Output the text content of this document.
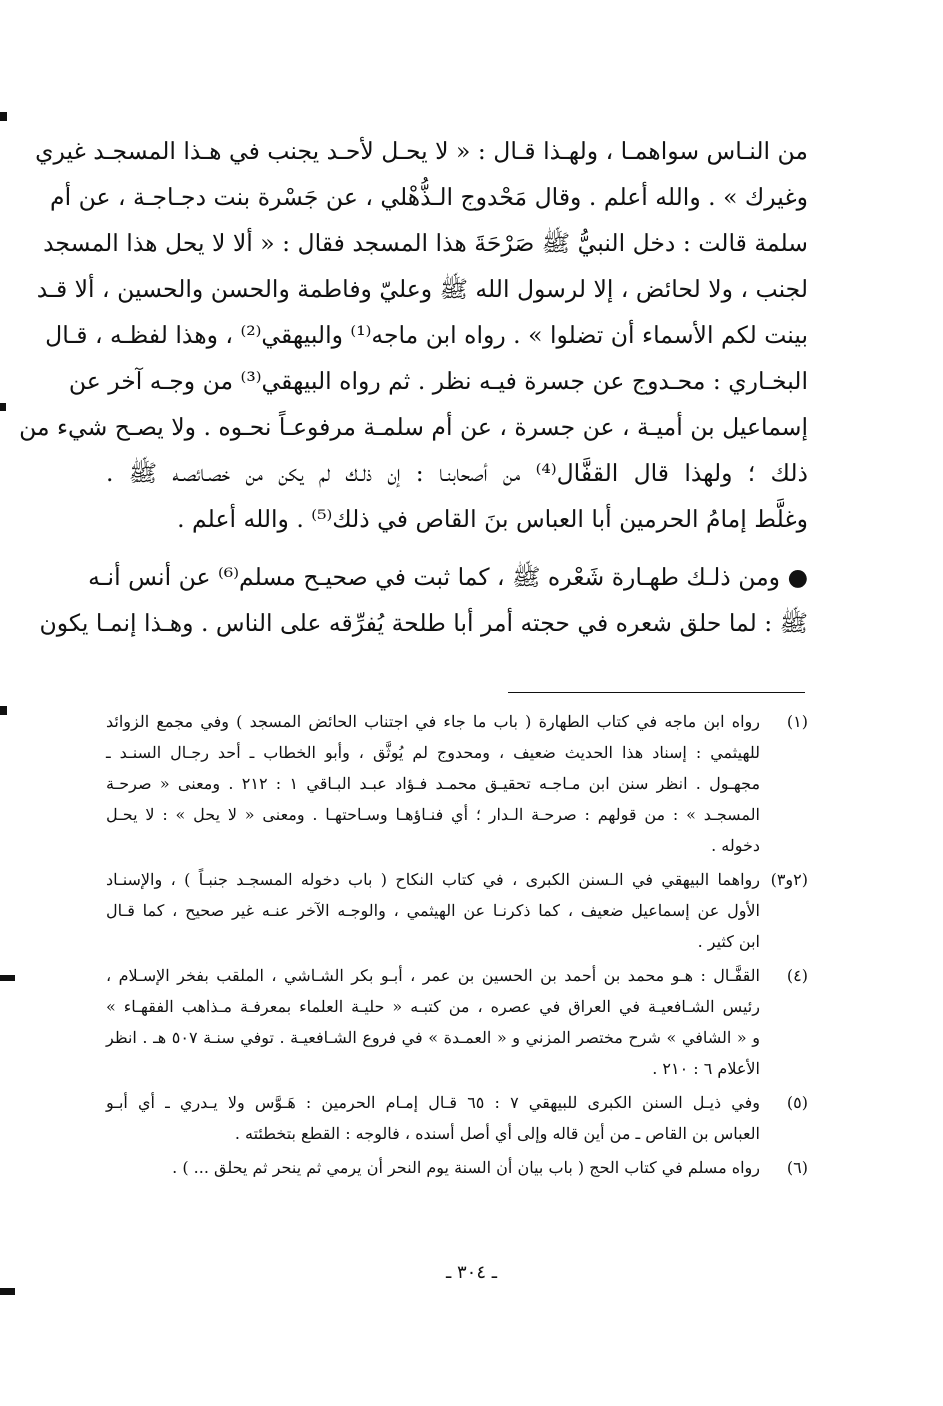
من النـاس سواهمـا ، ولهـذا قـال : « لا يحـل لأحـد يجنب في هـذا المسجـد غيري
وغيرك » . والله أعلم . وقال مَحْدوج الـذُّهْلي ، عن جَسْرة بنت دجـاجـة ، عن أم
سلمة قالت : دخل النبيُّ ﷺ صَرْحَةَ هذا المسجد فقال : « ألا لا يحل هذا المسجد
لجنب ، ولا لحائض ، إلا لرسول الله ﷺ وعليّ وفاطمة والحسن والحسين ، ألا قـد
بينت لكم الأسماء أن تضلوا » . رواه ابن ماجه⁽¹⁾ والبيهقي⁽²⁾ ، وهذا لفظـه ، قـال
البخـاري : محـدوج عن جسرة فيـه نظر . ثم رواه البيهقي⁽³⁾ من وجـه آخر عن
إسماعيل بن أميـة ، عن جسرة ، عن أم سلمـة مرفوعـاً نحـوه . ولا يصـح شيء من
ذلك ؛ ولهذا قال القفَّال⁽⁴⁾ من أصحابنـا : إن ذلـك لم يكن من خصـائصـه ﷺ .
وغلَّط إمامُ الحرمين أبا العباس بنَ القاص في ذلك⁽⁵⁾ . والله أعلم .
● ومن ذلـك طهـارة شَعْره ﷺ ، كما ثبت في صحيـح مسلم⁽⁶⁾ عن أنس أنـه
ﷺ : لما حلق شعره في حجته أمر أبا طلحة يُفرِّقه على الناس . وهـذا إنمـا يكون
(١)
رواه ابن ماجه في كتاب الطهارة ( باب ما جاء في اجتناب الحائض المسجد ) وفي مجمع الزوائد
للهيثمي : إسناد هذا الحديث ضعيف ، ومحدوج لم يُوثَّق ، وأبو الخطاب ـ أحد رجـال السنـد ـ
مجهـول . انظر سنن ابن مـاجـه تحقيـق محمـد فـؤاد عبـد البـاقي ١ : ٢١٢ . ومعنى « صرحـة
المسجـد » : من قولهم : صرحـة الـدار ؛ أي فنـاؤهـا وسـاحتهـا . ومعنى « لا يحل » : لا يحـل
دخوله .
(٢و٣)
رواهما البيهقي في الـسنن الكبرى ، في كتاب النكاح ( باب دخوله المسجـد جنبـاً ) ، والإسنـاد
الأول عن إسماعيل ضعيف ، كما ذكرنـا عن الهيثمي ، والوجـه الآخر عنـه غير صحيح ، كما قـال
ابن كثير .
(٤)
القفَّـال : هـو محمد بن أحمد بن الحسين بن عمر ، أبـو بكر الشـاشي ، الملقب بفخر الإسـلام ،
رئيس الشـافعيـة في العراق في عصره ، من كتبـه « حليـة العلماء بمعرفـة مـذاهب الفقهـاء »
و « الشافي » شرح مختصر المزني و « العمـدة » في فروع الشـافعيـة . توفي سنـة ٥٠٧ هـ . انظر
الأعلام ٦ : ٢١٠ .
(٥)
وفي ذيـل السنن الكبرى للبيهقي ٧ : ٦٥ قـال إمـام الحرمين : هَـوَّس ولا يـدري ـ أي أبـو
العباس بن القاص ـ من أين قاله وإلى أي أصل أسنده ، فالوجه : القطع بتخطئته .
(٦)
رواه مسلم في كتاب الحج ( باب بيان أن السنة يوم النحر أن يرمي ثم ينحر ثم يحلق ... ) .
ـ ٣٠٤ ـ
